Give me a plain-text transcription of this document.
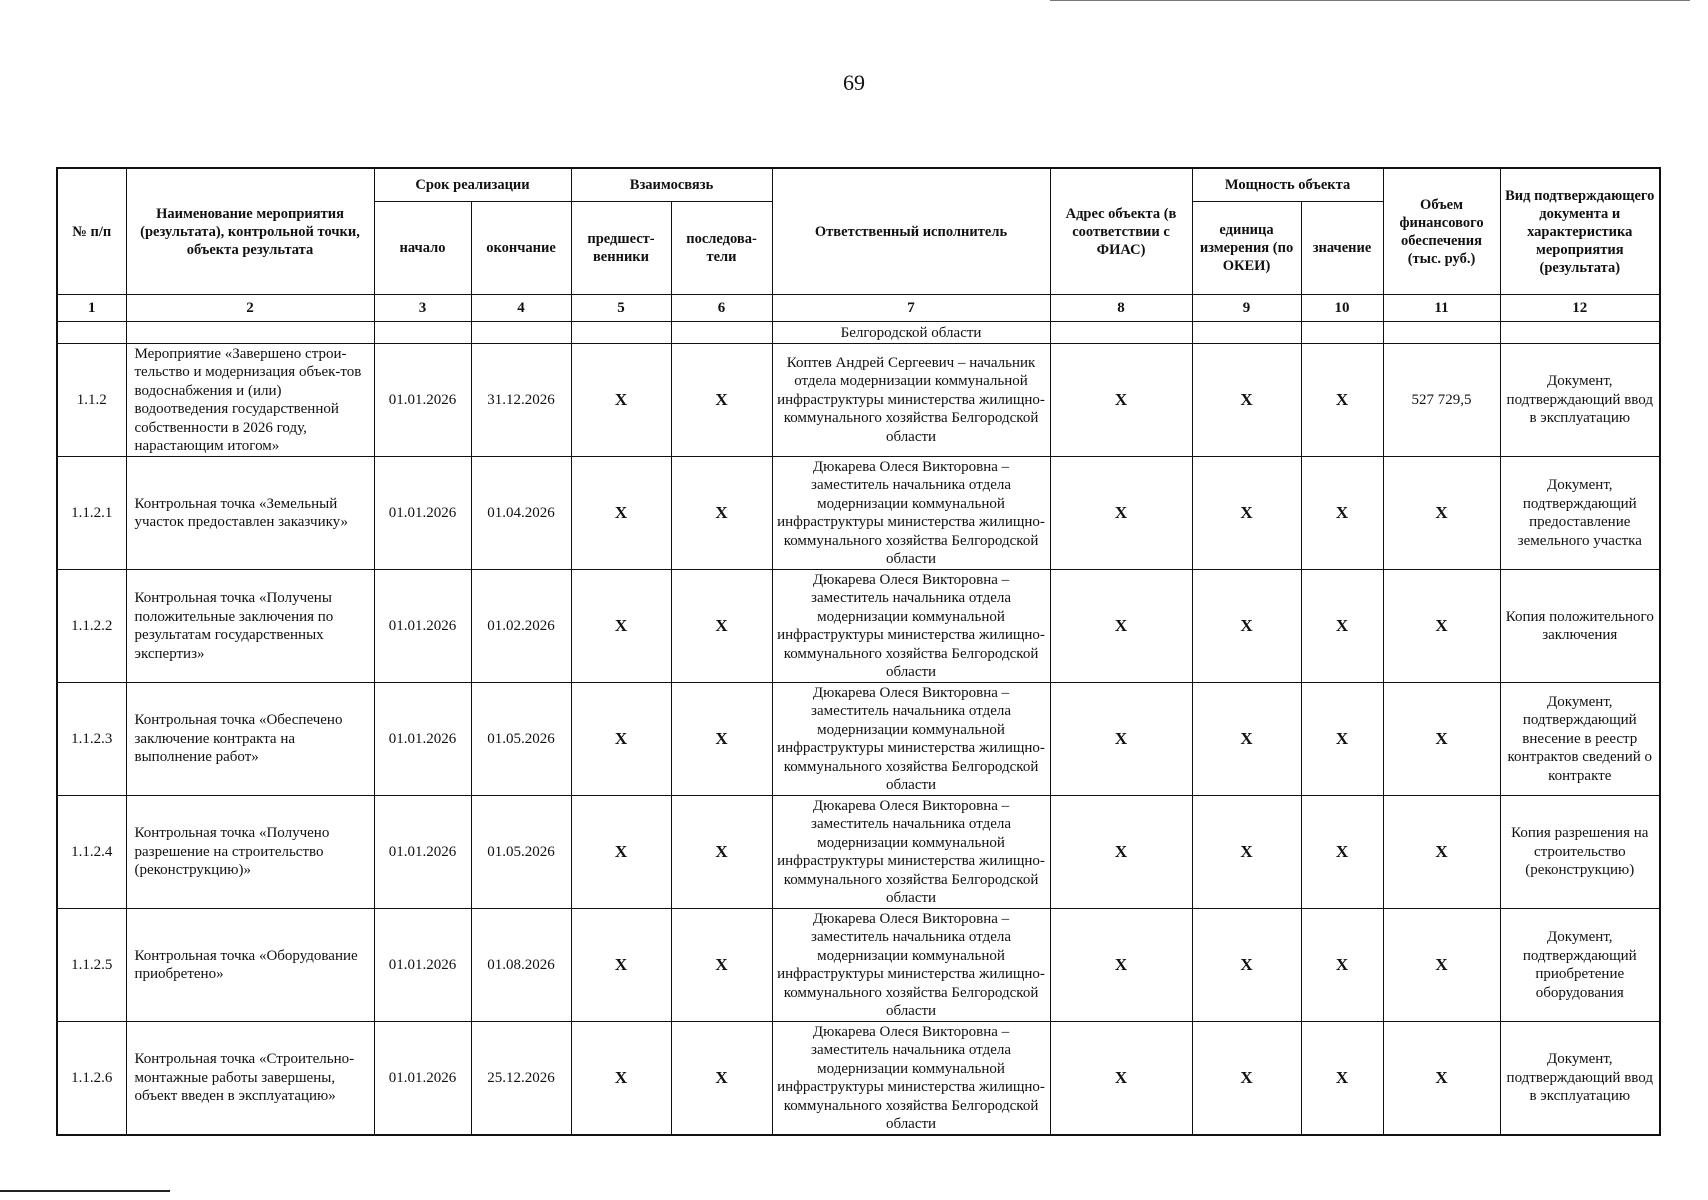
69
№ п/п	Наименование мероприятия (результата), контрольной точки, объекта результата	Срок реализации		Взаимосвязь		Ответственный исполнитель	Адрес объекта (в соответствии с ФИАС)	Мощность объекта		Объем финансового обеспечения (тыс. руб.)	Вид подтверждающего документа и характеристика мероприятия (результата)
		начало	окончание	предшест-венники	последова-тели			единица измерения (по ОКЕИ)	значение		
1	2	3	4	5	6	7	8	9	10	11	12
						Белгородской области					
1.1.2	Мероприятие «Завершено строи-тельство и модернизация объек-тов водоснабжения и (или) водоотведения государственной собственности в 2026 году, нарастающим итогом»	01.01.2026	31.12.2026	X	X	Коптев Андрей Сергеевич – начальник отдела модернизации коммунальной инфраструктуры министерства жилищно-коммунального хозяйства Белгородской области	X	X	X	527 729,5	Документ, подтверждающий ввод в эксплуатацию
1.1.2.1	Контрольная точка «Земельный участок предоставлен заказчику»	01.01.2026	01.04.2026	X	X	Дюкарева Олеся Викторовна – заместитель начальника отдела модернизации коммунальной инфраструктуры министерства жилищно-коммунального хозяйства Белгородской области	X	X	X	X	Документ, подтверждающий предоставление земельного участка
1.1.2.2	Контрольная точка «Получены положительные заключения по результатам государственных экспертиз»	01.01.2026	01.02.2026	X	X	Дюкарева Олеся Викторовна – заместитель начальника отдела модернизации коммунальной инфраструктуры министерства жилищно-коммунального хозяйства Белгородской области	X	X	X	X	Копия положительного заключения
1.1.2.3	Контрольная точка «Обеспечено заключение контракта на выполнение работ»	01.01.2026	01.05.2026	X	X	Дюкарева Олеся Викторовна – заместитель начальника отдела модернизации коммунальной инфраструктуры министерства жилищно-коммунального хозяйства Белгородской области	X	X	X	X	Документ, подтверждающий внесение в реестр контрактов сведений о контракте
1.1.2.4	Контрольная точка «Получено разрешение на строительство (реконструкцию)»	01.01.2026	01.05.2026	X	X	Дюкарева Олеся Викторовна – заместитель начальника отдела модернизации коммунальной инфраструктуры министерства жилищно-коммунального хозяйства Белгородской области	X	X	X	X	Копия разрешения на строительство (реконструкцию)
1.1.2.5	Контрольная точка «Оборудование приобретено»	01.01.2026	01.08.2026	X	X	Дюкарева Олеся Викторовна – заместитель начальника отдела модернизации коммунальной инфраструктуры министерства жилищно-коммунального хозяйства Белгородской области	X	X	X	X	Документ, подтверждающий приобретение оборудования
1.1.2.6	Контрольная точка «Строительно-монтажные работы завершены, объект введен в эксплуатацию»	01.01.2026	25.12.2026	X	X	Дюкарева Олеся Викторовна – заместитель начальника отдела модернизации коммунальной инфраструктуры министерства жилищно-коммунального хозяйства Белгородской области	X	X	X	X	Документ, подтверждающий ввод в эксплуатацию
